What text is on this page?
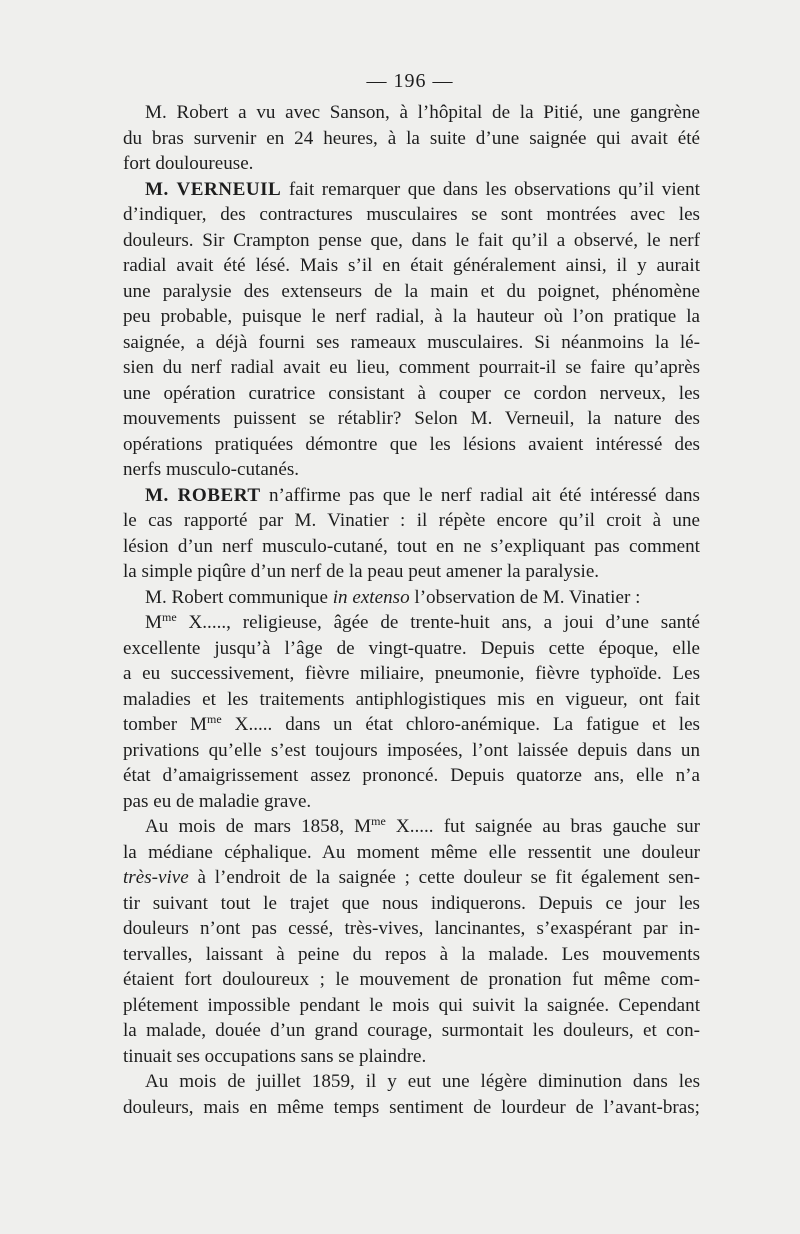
— 196 —

M. Robert a vu avec Sanson, à l’hôpital de la Pitié, une gangrène
du bras survenir en 24 heures, à la suite d’une saignée qui avait été
fort douloureuse.

M. VERNEUIL fait remarquer que dans les observations qu’il vient
d’indiquer, des contractures musculaires se sont montrées avec les
douleurs. Sir Crampton pense que, dans le fait qu’il a observé, le nerf
radial avait été lésé. Mais s’il en était généralement ainsi, il y aurait
une paralysie des extenseurs de la main et du poignet, phénomène
peu probable, puisque le nerf radial, à la hauteur où l’on pratique la
saignée, a déjà fourni ses rameaux musculaires. Si néanmoins la lé-
sien du nerf radial avait eu lieu, comment pourrait-il se faire qu’après
une opération curatrice consistant à couper ce cordon nerveux, les
mouvements puissent se rétablir? Selon M. Verneuil, la nature des
opérations pratiquées démontre que les lésions avaient intéressé des
nerfs musculo-cutanés.

M. ROBERT n’affirme pas que le nerf radial ait été intéressé dans
le cas rapporté par M. Vinatier : il répète encore qu’il croit à une
lésion d’un nerf musculo-cutané, tout en ne s’expliquant pas comment
la simple piqûre d’un nerf de la peau peut amener la paralysie.

M. Robert communique in extenso l’observation de M. Vinatier :

$M^{me}$ X....., religieuse, âgée de trente-huit ans, a joui d’une santé
excellente jusqu’à l’âge de vingt-quatre. Depuis cette époque, elle
a eu successivement, fièvre miliaire, pneumonie, fièvre typhoïde. Les
maladies et les traitements antiphlogistiques mis en vigueur, ont fait
tomber $M^{me}$ X..... dans un état chloro-anémique. La fatigue et les
privations qu’elle s’est toujours imposées, l’ont laissée depuis dans un
état d’amaigrissement assez prononcé. Depuis quatorze ans, elle n’a
pas eu de maladie grave.

Au mois de mars 1858, $M^{me}$ X..... fut saignée au bras gauche sur
la médiane céphalique. Au moment même elle ressentit une douleur
très-vive à l’endroit de la saignée ; cette douleur se fit également sen-
tir suivant tout le trajet que nous indiquerons. Depuis ce jour les
douleurs n’ont pas cessé, très-vives, lancinantes, s’exaspérant par in-
tervalles, laissant à peine du repos à la malade. Les mouvements
étaient fort douloureux ; le mouvement de pronation fut même com-
plétement impossible pendant le mois qui suivit la saignée. Cependant
la malade, douée d’un grand courage, surmontait les douleurs, et con-
tinuait ses occupations sans se plaindre.

Au mois de juillet 1859, il y eut une légère diminution dans les
douleurs, mais en même temps sentiment de lourdeur de l’avant-bras;
